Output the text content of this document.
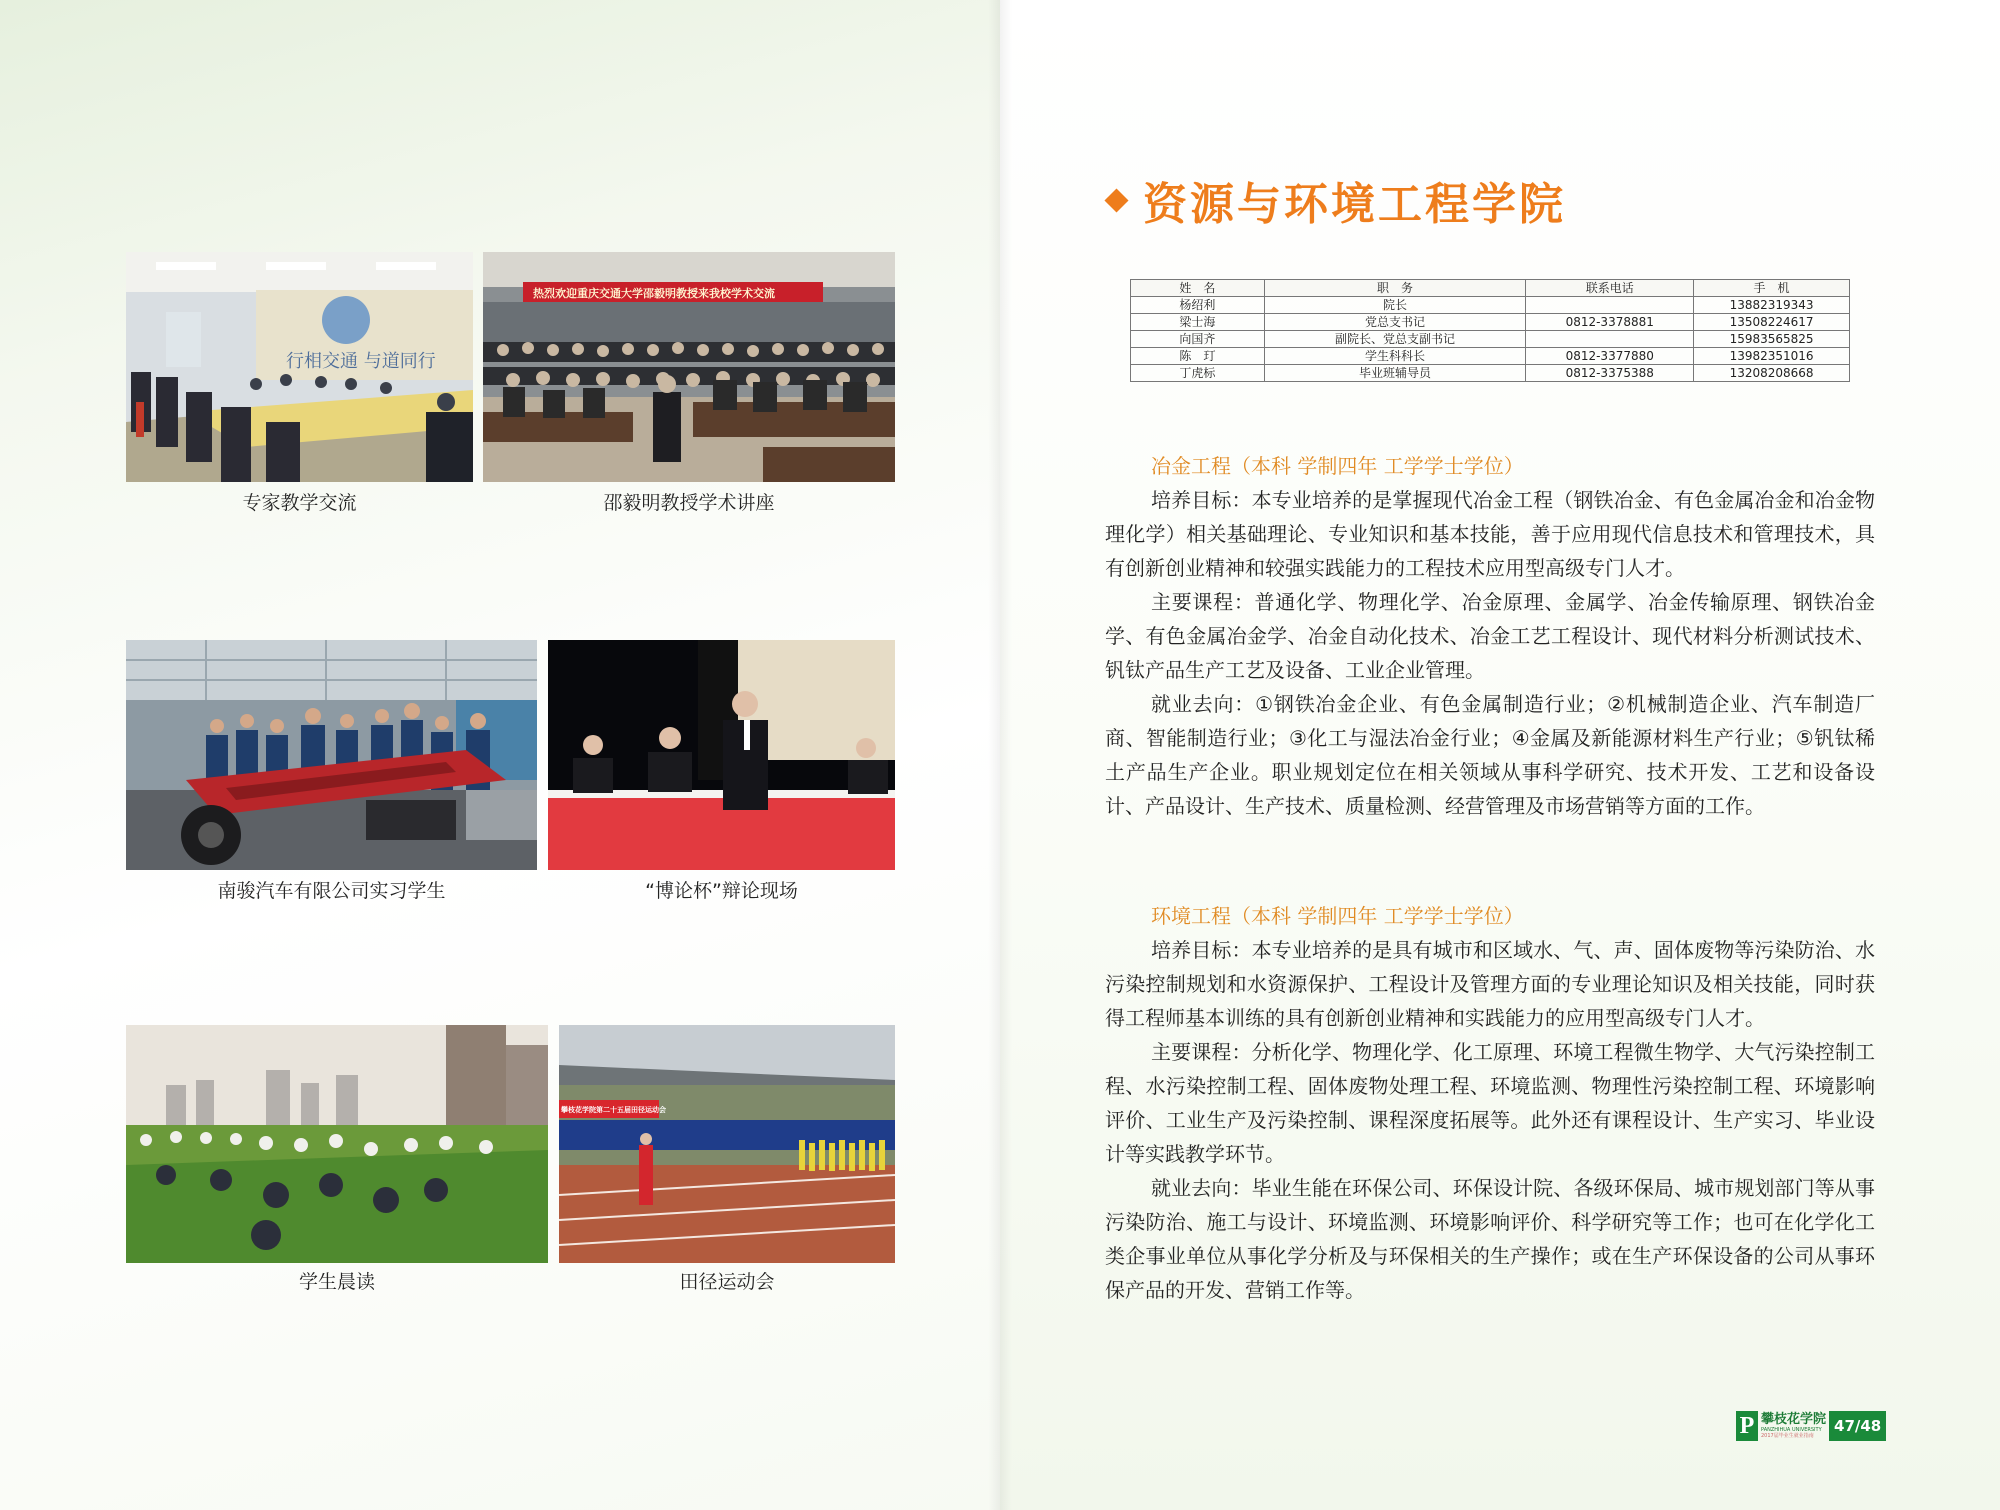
行相交通 与道同行
专家教学交流
热烈欢迎重庆交通大学邵毅明教授来我校学术交流
邵毅明教授学术讲座
南骏汽车有限公司实习学生	“博论杯”辩论现场
学生晨读
攀枝花学院第二十五届田径运动会
田径运动会
资源与环境工程学院
姓　名	职　务	联系电话	手　机
杨绍利	院长		13882319343
梁士海	党总支书记	0812-3378881	13508224617
向国齐	副院长、党总支副书记		15983565825
陈　玎	学生科科长	0812-3377880	13982351016
丁虎标	毕业班辅导员	0812-3375388	13208208668
冶金工程（本科 学制四年 工学学士学位）

培养目标：本专业培养的是掌握现代冶金工程（钢铁冶金、有色金属冶金和冶金物理化学）相关基础理论、专业知识和基本技能，善于应用现代信息技术和管理技术，具有创新创业精神和较强实践能力的工程技术应用型高级专门人才。

主要课程：普通化学、物理化学、冶金原理、金属学、冶金传输原理、钢铁冶金学、有色金属冶金学、冶金自动化技术、冶金工艺工程设计、现代材料分析测试技术、钒钛产品生产工艺及设备、工业企业管理。

就业去向：①钢铁冶金企业、有色金属制造行业；②机械制造企业、汽车制造厂商、智能制造行业；③化工与湿法冶金行业；④金属及新能源材料生产行业；⑤钒钛稀土产品生产企业。职业规划定位在相关领域从事科学研究、技术开发、工艺和设备设计、产品设计、生产技术、质量检测、经营管理及市场营销等方面的工作。

环境工程（本科 学制四年 工学学士学位）

培养目标：本专业培养的是具有城市和区域水、气、声、固体废物等污染防治、水污染控制规划和水资源保护、工程设计及管理方面的专业理论知识及相关技能，同时获得工程师基本训练的具有创新创业精神和实践能力的应用型高级专门人才。

主要课程：分析化学、物理化学、化工原理、环境工程微生物学、大气污染控制工程、水污染控制工程、固体废物处理工程、环境监测、物理性污染控制工程、环境影响评价、工业生产及污染控制、课程深度拓展等。此外还有课程设计、生产实习、毕业设计等实践教学环节。

就业去向：毕业生能在环保公司、环保设计院、各级环保局、城市规划部门等从事污染防治、施工与设计、环境监测、环境影响评价、科学研究等工作；也可在化学化工类企事业单位从事化学分析及与环保相关的生产操作；或在生产环保设备的公司从事环保产品的开发、营销工作等。

P 攀枝花学院
PANZHIHUA UNIVERSITY
2017届毕业生就业指南
47/48
